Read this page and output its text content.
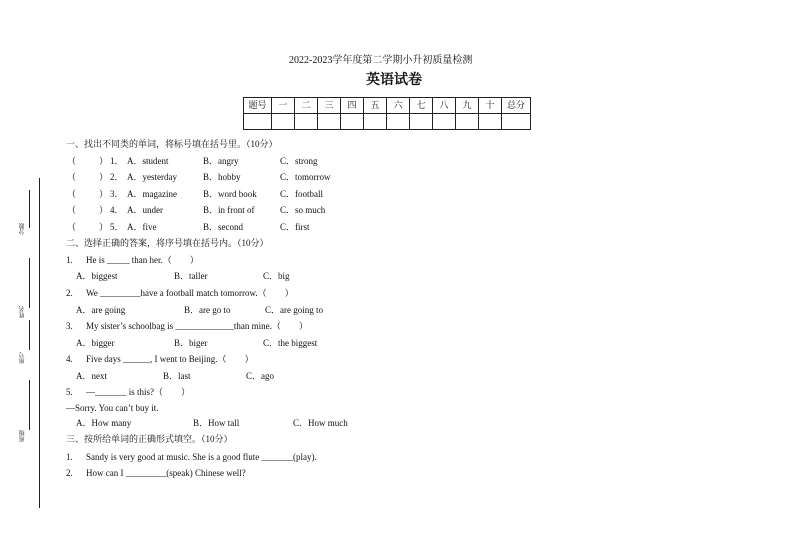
2022-2023学年度第二学期小升初质量检测
英语试卷
题号	一	二	三	四	五	六	七	八	九	十	总分

分数
姓名
座号
班级
一、找出不同类的单词，将标号填在括号里。（10分）
（	） 1． A．student	B．angry	C．strong
（	） 2． A．yesterday	B．hobby	C．tomorrow
（	） 3． A．magazine	B．word book	C．football
（	） 4． A．under	B．in front of	C．so much
（	） 5． A．five	B．second	C．first
二、选择正确的答案，将序号填在括号内。（10分）
1. He is _____ than her.（　　）
A．biggest	B．taller	C．big
2. We _________have a football match tomorrow.（　　）
A．are going	B．are go to	C．are going to
3. My sister’s schoolbag is _____________than mine.（　　）
A．bigger	B．biger	C．the biggest
4. Five days ______, I went to Beijing.（　　）
A．next	B．last	C．ago
5. —_______ is this?（　　）
—Sorry. You can’t buy it.
A．How many	B．How tall	C．How much
三、按所给单词的正确形式填空。（10分）
1. Sandy is very good at music. She is a good flute _______(play).
2. How can I _________(speak) Chinese well?
